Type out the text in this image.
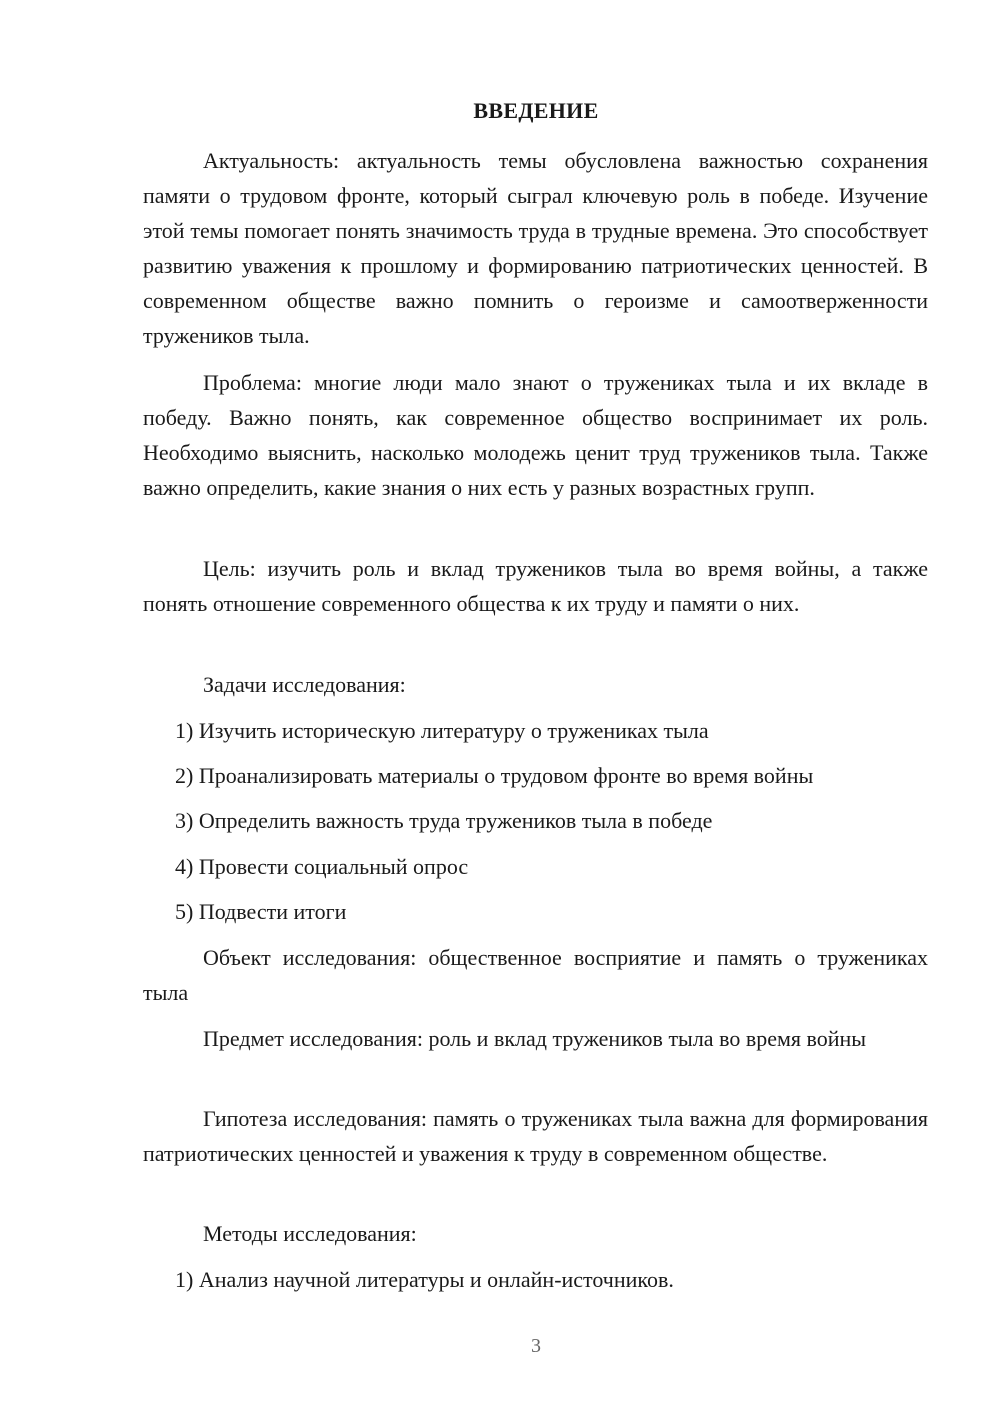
ВВЕДЕНИЕ

Актуальность: актуальность темы обусловлена важностью сохранения памяти о трудовом фронте, который сыграл ключевую роль в победе. Изучение этой темы помогает понять значимость труда в трудные времена. Это способствует развитию уважения к прошлому и формированию патриотических ценностей. В современном обществе важно помнить о героизме и самоотверженности тружеников тыла.

Проблема: многие люди мало знают о тружениках тыла и их вкладе в победу. Важно понять, как современное общество воспринимает их роль. Необходимо выяснить, насколько молодежь ценит труд тружеников тыла. Также важно определить, какие знания о них есть у разных возрастных групп.

Цель: изучить роль и вклад тружеников тыла во время войны, а также понять отношение современного общества к их труду и памяти о них.

Задачи исследования:

1) Изучить историческую литературу о тружениках тыла

2) Проанализировать материалы о трудовом фронте во время войны

3) Определить важность труда тружеников тыла в победе

4) Провести социальный опрос

5) Подвести итоги

Объект исследования: общественное восприятие и память о тружениках тыла

Предмет исследования: роль и вклад тружеников тыла во время войны

Гипотеза исследования: память о тружениках тыла важна для формирования патриотических ценностей и уважения к труду в современном обществе.

Методы исследования:

1) Анализ научной литературы и онлайн-источников.

3
